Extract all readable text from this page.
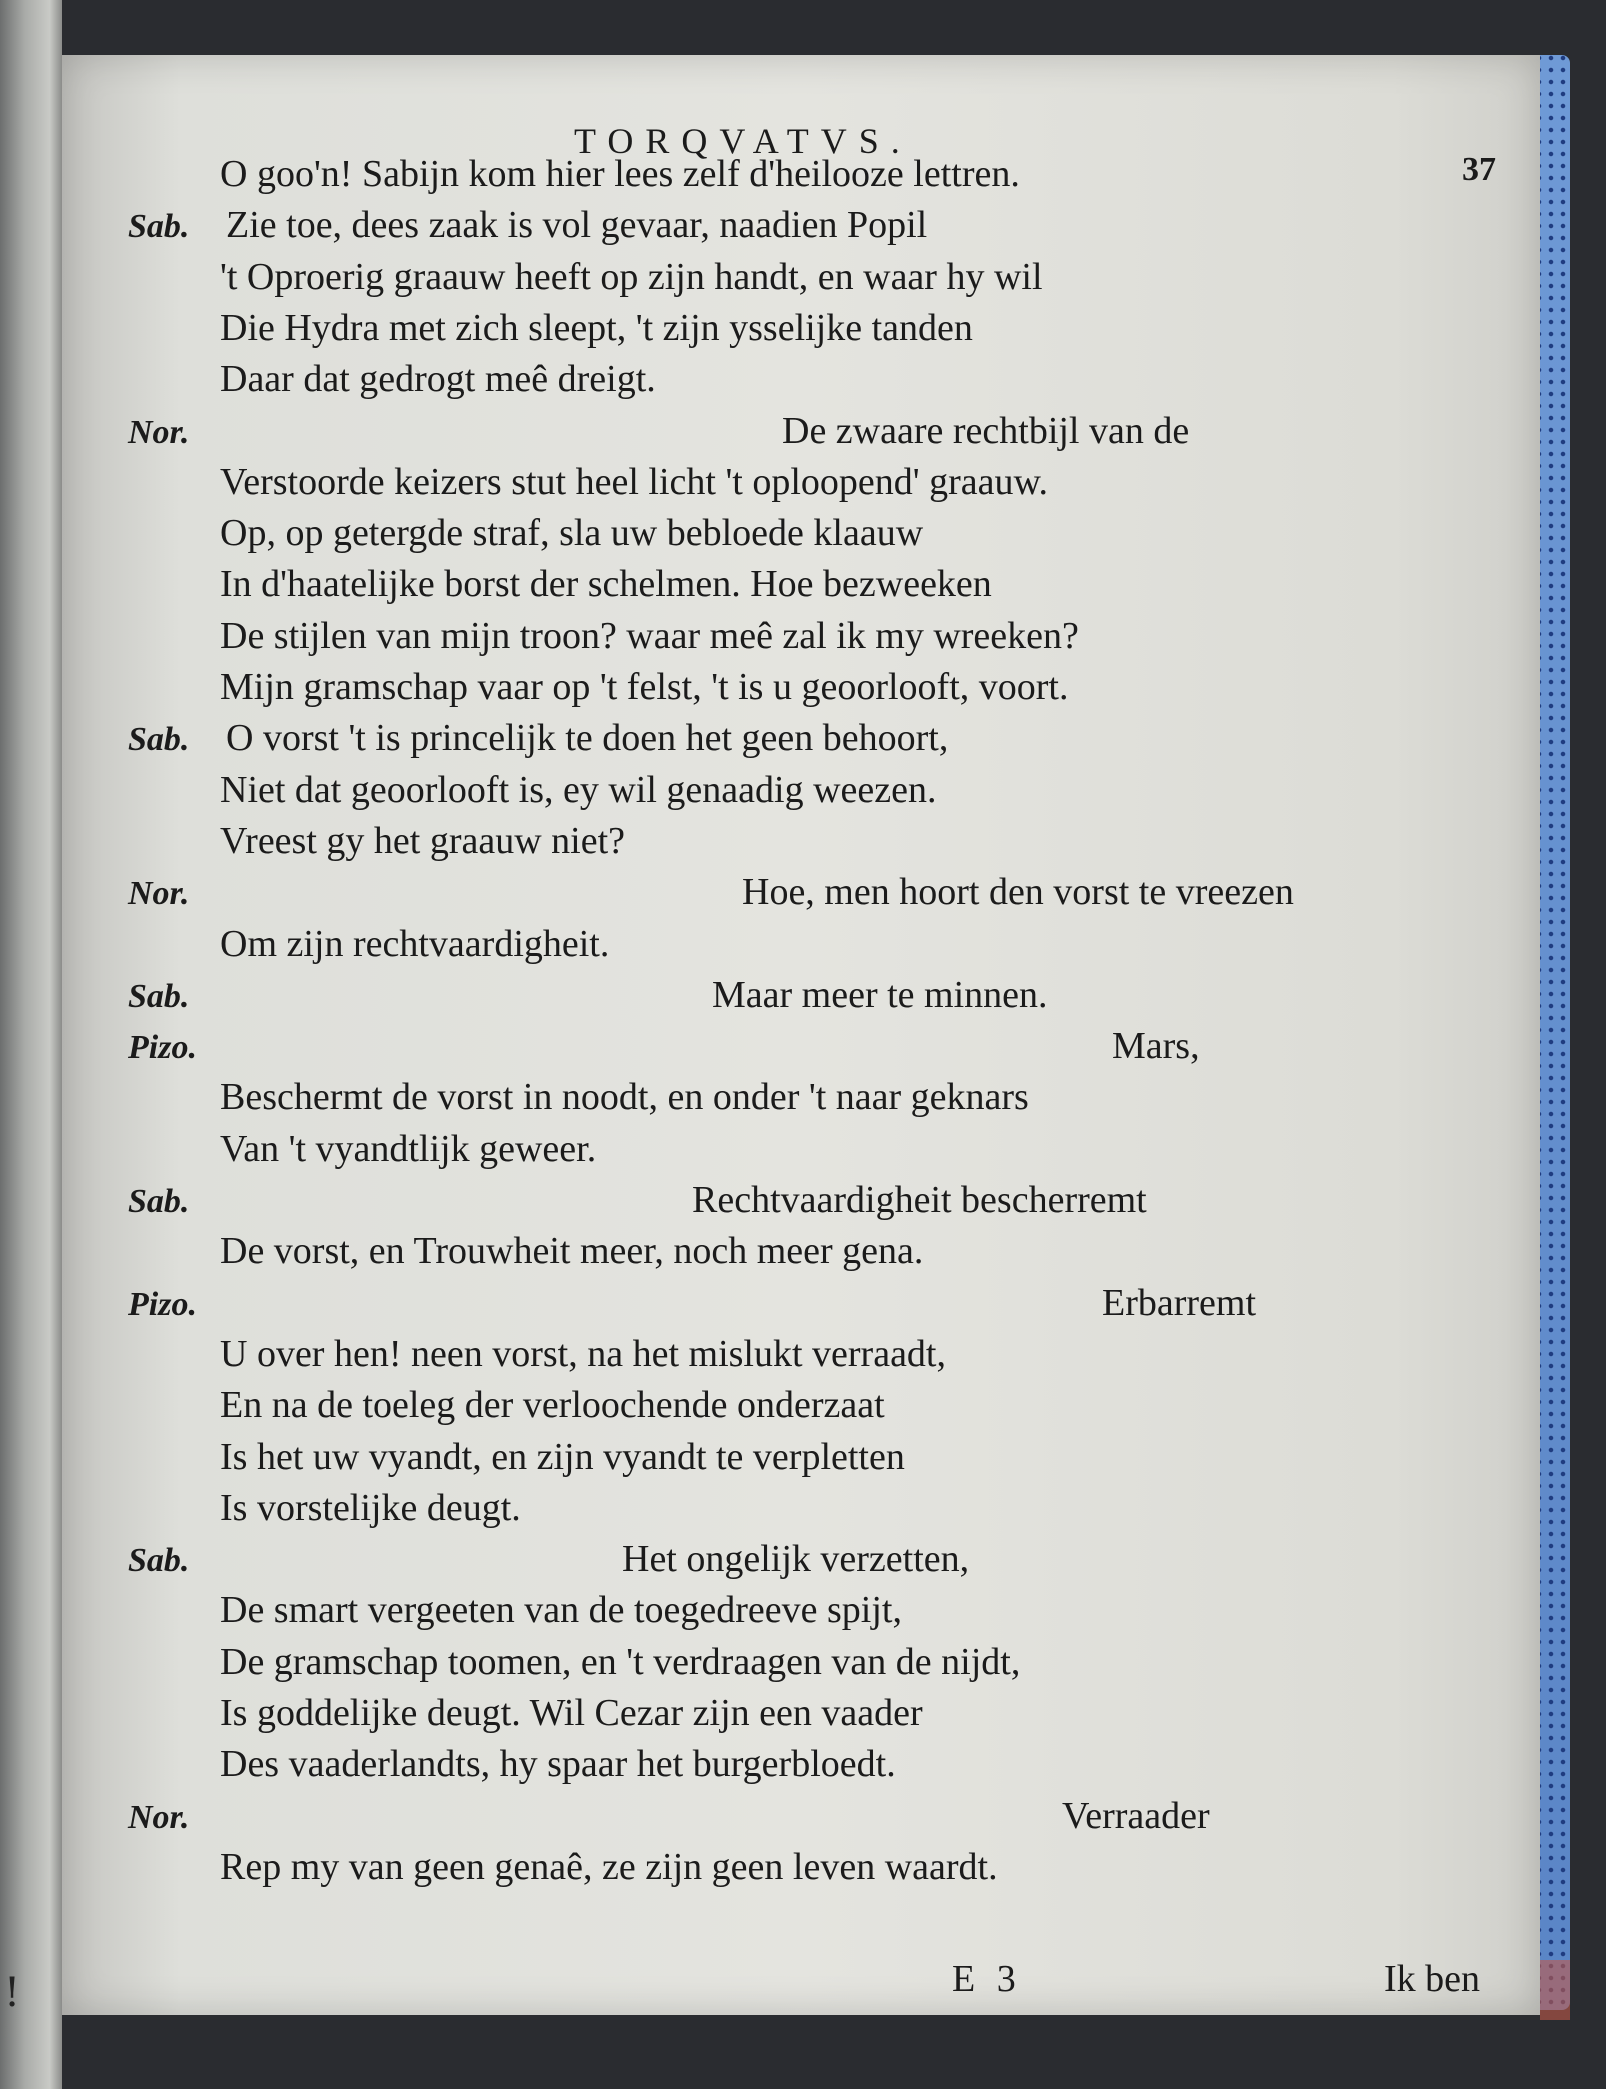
!
TORQVATVS.
37
O goo'n! Sabijn kom hier lees zelf d'heilooze lettren.
Sab. Zie toe, dees zaak is vol gevaar, naadien Popil
't Oproerig graauw heeft op zijn handt, en waar hy wil
Die Hydra met zich sleept, 't zijn ysselijke tanden
Daar dat gedrogt meê dreigt.
Nor.	De zwaare rechtbijl van de
Verstoorde keizers stut heel licht 't oploopend' graauw.
Op, op getergde straf, sla uw bebloede klaauw
In d'haatelijke borst der schelmen. Hoe bezweeken
De stijlen van mijn troon? waar meê zal ik my wreeken?
Mijn gramschap vaar op 't felst, 't is u geoorlooft, voort.
Sab. O vorst 't is princelijk te doen het geen behoort,
Niet dat geoorlooft is, ey wil genaadig weezen.
Vreest gy het graauw niet?
Nor.	Hoe, men hoort den vorst te vreezen
Om zijn rechtvaardigheit.
Sab.	Maar meer te minnen.
Pizo.	Mars,
Beschermt de vorst in noodt, en onder 't naar geknars
Van 't vyandtlijk geweer.
Sab.	Rechtvaardigheit bescherremt
De vorst, en Trouwheit meer, noch meer gena.
Pizo.	Erbarremt
U over hen! neen vorst, na het mislukt verraadt,
En na de toeleg der verloochende onderzaat
Is het uw vyandt, en zijn vyandt te verpletten
Is vorstelijke deugt.
Sab.	Het ongelijk verzetten,
De smart vergeeten van de toegedreeve spijt,
De gramschap toomen, en 't verdraagen van de nijdt,
Is goddelijke deugt. Wil Cezar zijn een vaader
Des vaaderlandts, hy spaar het burgerbloedt.
Nor.	Verraader
Rep my van geen genaê, ze zijn geen leven waardt.
E 3	Ik ben
